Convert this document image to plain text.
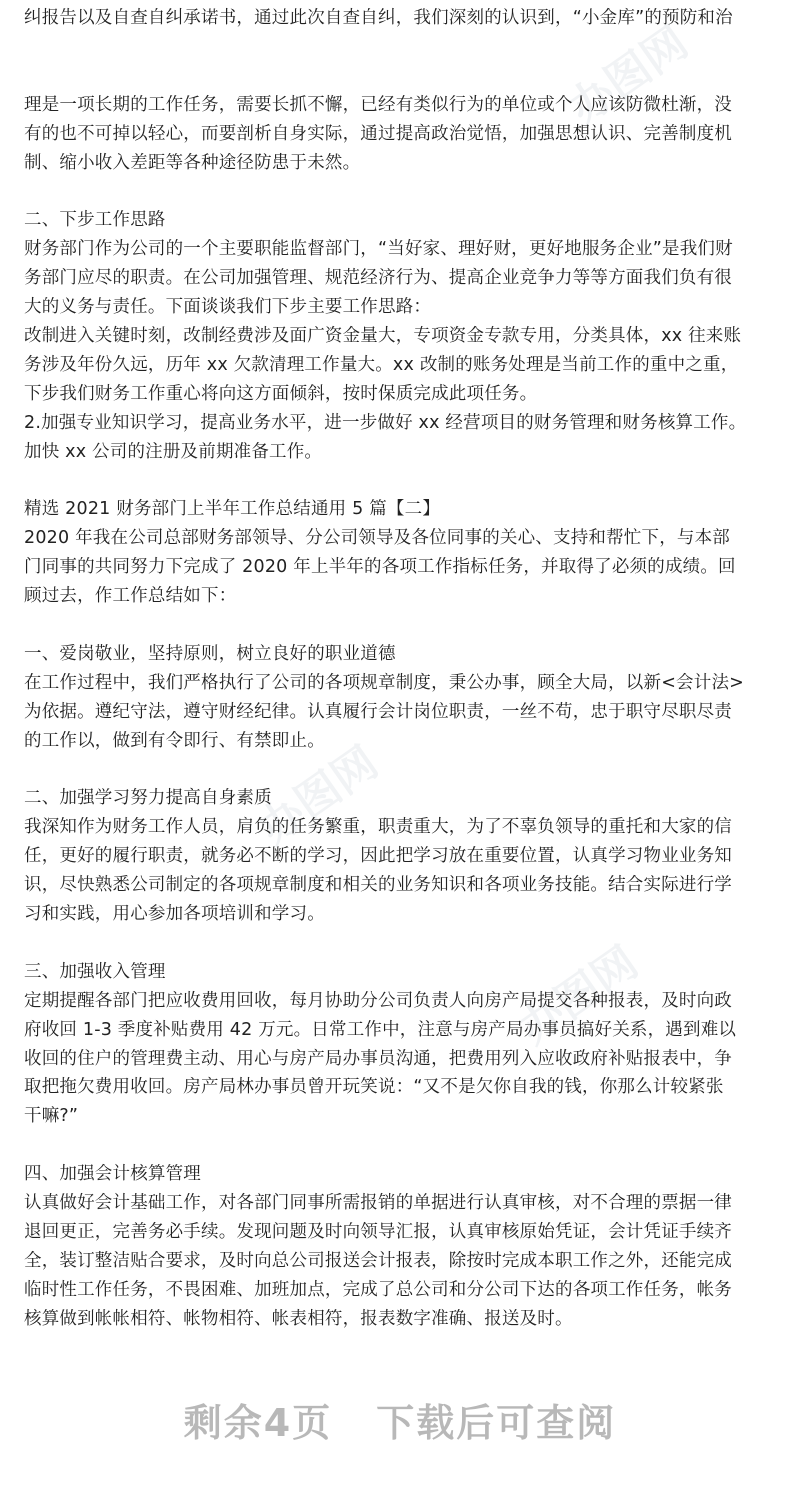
办图网
办图网
办图网
纠报告以及自查自纠承诺书，通过此次自查自纠，我们深刻的认识到，“小金库”的预防和治
理是一项长期的工作任务，需要长抓不懈，已经有类似行为的单位或个人应该防微杜渐，没
有的也不可掉以轻心，而要剖析自身实际，通过提高政治觉悟，加强思想认识、完善制度机
制、缩小收入差距等各种途径防患于未然。
二、下步工作思路
财务部门作为公司的一个主要职能监督部门，“当好家、理好财，更好地服务企业”是我们财
务部门应尽的职责。在公司加强管理、规范经济行为、提高企业竞争力等等方面我们负有很
大的义务与责任。下面谈谈我们下步主要工作思路：
改制进入关键时刻，改制经费涉及面广资金量大，专项资金专款专用，分类具体，xx 往来账
务涉及年份久远，历年 xx 欠款清理工作量大。xx 改制的账务处理是当前工作的重中之重，
下步我们财务工作重心将向这方面倾斜，按时保质完成此项任务。
2.加强专业知识学习，提高业务水平，进一步做好 xx 经营项目的财务管理和财务核算工作。
加快 xx 公司的注册及前期准备工作。
精选 2021 财务部门上半年工作总结通用 5 篇【二】
2020 年我在公司总部财务部领导、分公司领导及各位同事的关心、支持和帮忙下，与本部
门同事的共同努力下完成了 2020 年上半年的各项工作指标任务，并取得了必须的成绩。回
顾过去，作工作总结如下：
一、爱岗敬业，坚持原则，树立良好的职业道德
在工作过程中，我们严格执行了公司的各项规章制度，秉公办事，顾全大局，以新<会计法>
为依据。遵纪守法，遵守财经纪律。认真履行会计岗位职责，一丝不苟，忠于职守尽职尽责
的工作以，做到有令即行、有禁即止。
二、加强学习努力提高自身素质
我深知作为财务工作人员，肩负的任务繁重，职责重大，为了不辜负领导的重托和大家的信
任，更好的履行职责，就务必不断的学习，因此把学习放在重要位置，认真学习物业业务知
识，尽快熟悉公司制定的各项规章制度和相关的业务知识和各项业务技能。结合实际进行学
习和实践，用心参加各项培训和学习。
三、加强收入管理
定期提醒各部门把应收费用回收，每月协助分公司负责人向房产局提交各种报表，及时向政
府收回 1-3 季度补贴费用 42 万元。日常工作中，注意与房产局办事员搞好关系，遇到难以
收回的住户的管理费主动、用心与房产局办事员沟通，把费用列入应收政府补贴报表中，争
取把拖欠费用收回。房产局林办事员曾开玩笑说：“又不是欠你自我的钱，你那么计较紧张
干嘛?”
四、加强会计核算管理
认真做好会计基础工作，对各部门同事所需报销的单据进行认真审核，对不合理的票据一律
退回更正，完善务必手续。发现问题及时向领导汇报，认真审核原始凭证，会计凭证手续齐
全，装订整洁贴合要求，及时向总公司报送会计报表，除按时完成本职工作之外，还能完成
临时性工作任务，不畏困难、加班加点，完成了总公司和分公司下达的各项工作任务，帐务
核算做到帐帐相符、帐物相符、帐表相符，报表数字准确、报送及时。
剩余4页 下载后可查阅
